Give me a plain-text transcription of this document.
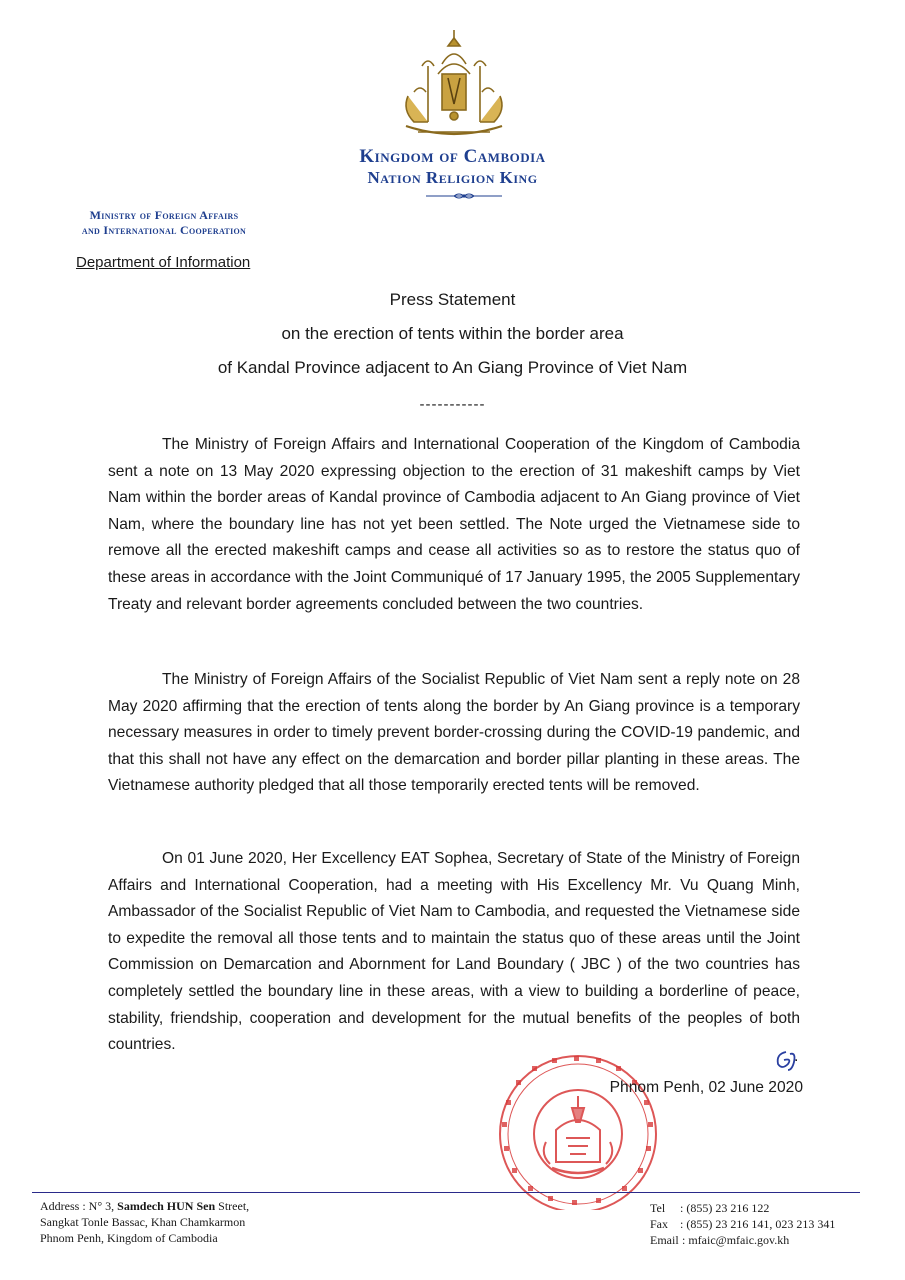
Kingdom of Cambodia
Nation Religion King
Ministry of Foreign Affairs
and International Cooperation
Department of Information
Press Statement
on the erection of tents within the border area
of Kandal Province adjacent to An Giang Province of Viet Nam
-----------

The Ministry of Foreign Affairs and International Cooperation of the Kingdom of Cambodia sent a note on 13 May 2020 expressing objection to the erection of 31 makeshift camps by Viet Nam within the border areas of Kandal province of Cambodia adjacent to An Giang province of Viet Nam, where the boundary line has not yet been settled. The Note urged the Vietnamese side to remove all the erected makeshift camps and cease all activities so as to restore the status quo of these areas in accordance with the Joint Communiqué of 17 January 1995, the 2005 Supplementary Treaty and relevant border agreements concluded between the two countries.

The Ministry of Foreign Affairs of the Socialist Republic of Viet Nam sent a reply note on 28 May 2020 affirming that the erection of tents along the border by An Giang province is a temporary necessary measures in order to timely prevent border-crossing during the COVID-19 pandemic, and that this shall not have any effect on the demarcation and border pillar planting in these areas. The Vietnamese authority pledged that all those temporarily erected tents will be removed.

On 01 June 2020, Her Excellency EAT Sophea, Secretary of State of the Ministry of Foreign Affairs and International Cooperation, had a meeting with His Excellency Mr. Vu Quang Minh, Ambassador of the Socialist Republic of Viet Nam to Cambodia, and requested the Vietnamese side to expedite the removal all those tents and to maintain the status quo of these areas until the Joint Commission on Demarcation and Abornment for Land Boundary ( JBC ) of the two countries has completely settled the boundary line in these areas, with a view to building a borderline of peace, stability, friendship, cooperation and development for the mutual benefits of the peoples of both countries.

.
Phnom Penh, 02 June 2020
Address : N° 3, Samdech HUN Sen Street,
Sangkat Tonle Bassac, Khan Chamkarmon
Phnom Penh, Kingdom of Cambodia
Tel	: (855) 23 216 122
Fax	: (855) 23 216 141, 023 213 341
Email : mfaic@mfaic.gov.kh
